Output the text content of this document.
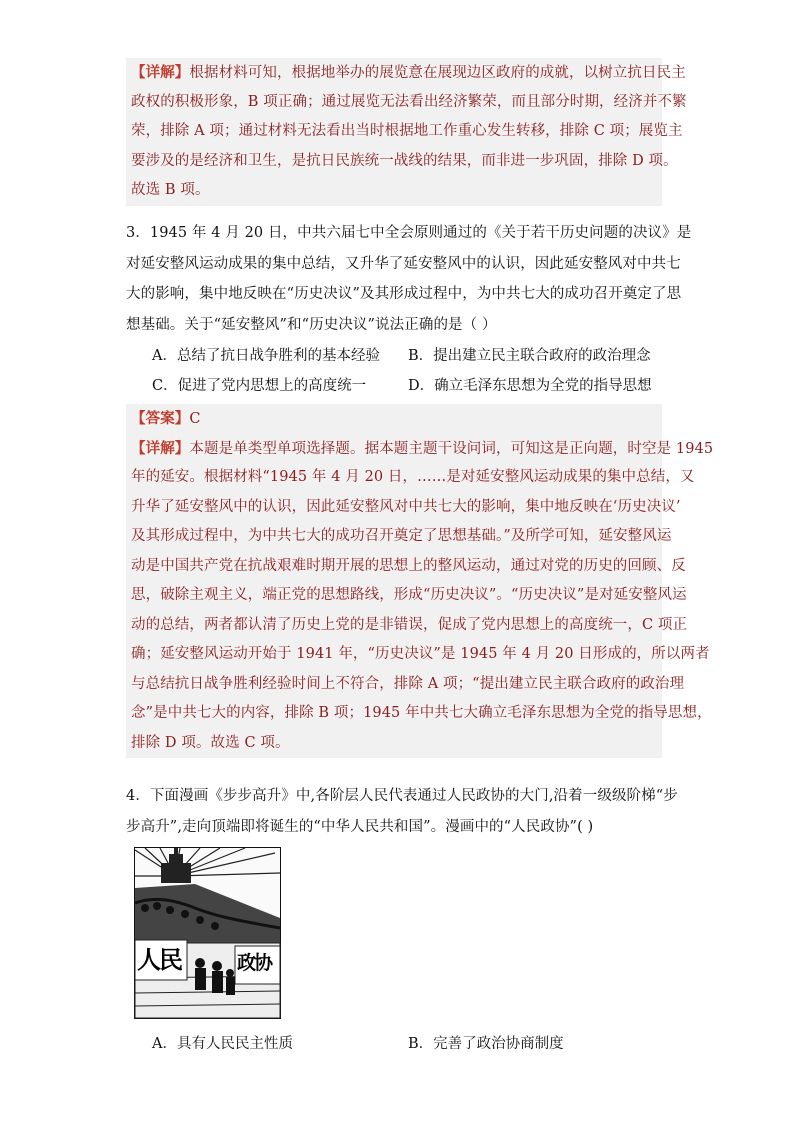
【详解】根据材料可知，根据地举办的展览意在展现边区政府的成就，以树立抗日民主
政权的积极形象，B 项正确；通过展览无法看出经济繁荣，而且部分时期，经济并不繁
荣，排除 A 项；通过材料无法看出当时根据地工作重心发生转移，排除 C 项；展览主
要涉及的是经济和卫生，是抗日民族统一战线的结果，而非进一步巩固，排除 D 项。
故选 B 项。
3．1945 年 4 月 20 日，中共六届七中全会原则通过的《关于若干历史问题的决议》是
对延安整风运动成果的集中总结，又升华了延安整风中的认识，因此延安整风对中共七
大的影响，集中地反映在“历史决议”及其形成过程中，为中共七大的成功召开奠定了思
想基础。关于“延安整风”和“历史决议”说法正确的是（ ）
A．总结了抗日战争胜利的基本经验 B．提出建立民主联合政府的政治理念
C．促进了党内思想上的高度统一	D．确立毛泽东思想为全党的指导思想
【答案】C
【详解】本题是单类型单项选择题。据本题主题干设问词，可知这是正向题，时空是 1945
年的延安。根据材料“1945 年 4 月 20 日，……是对延安整风运动成果的集中总结，又
升华了延安整风中的认识，因此延安整风对中共七大的影响，集中地反映在‘历史决议’
及其形成过程中，为中共七大的成功召开奠定了思想基础。”及所学可知，延安整风运
动是中国共产党在抗战艰难时期开展的思想上的整风运动，通过对党的历史的回顾、反
思，破除主观主义，端正党的思想路线，形成“历史决议”。“历史决议”是对延安整风运
动的总结，两者都认清了历史上党的是非错误，促成了党内思想上的高度统一，C 项正
确；延安整风运动开始于 1941 年，“历史决议”是 1945 年 4 月 20 日形成的，所以两者
与总结抗日战争胜利经验时间上不符合，排除 A 项；“提出建立民主联合政府的政治理
念”是中共七大的内容，排除 B 项；1945 年中共七大确立毛泽东思想为全党的指导思想，
排除 D 项。故选 C 项。
4．下面漫画《步步高升》中,各阶层人民代表通过人民政协的大门,沿着一级级阶梯“步
步高升”,走向顶端即将诞生的“中华人民共和国”。漫画中的“人民政协”( )
人民	政协
A．具有人民民主性质	B．完善了政治协商制度
